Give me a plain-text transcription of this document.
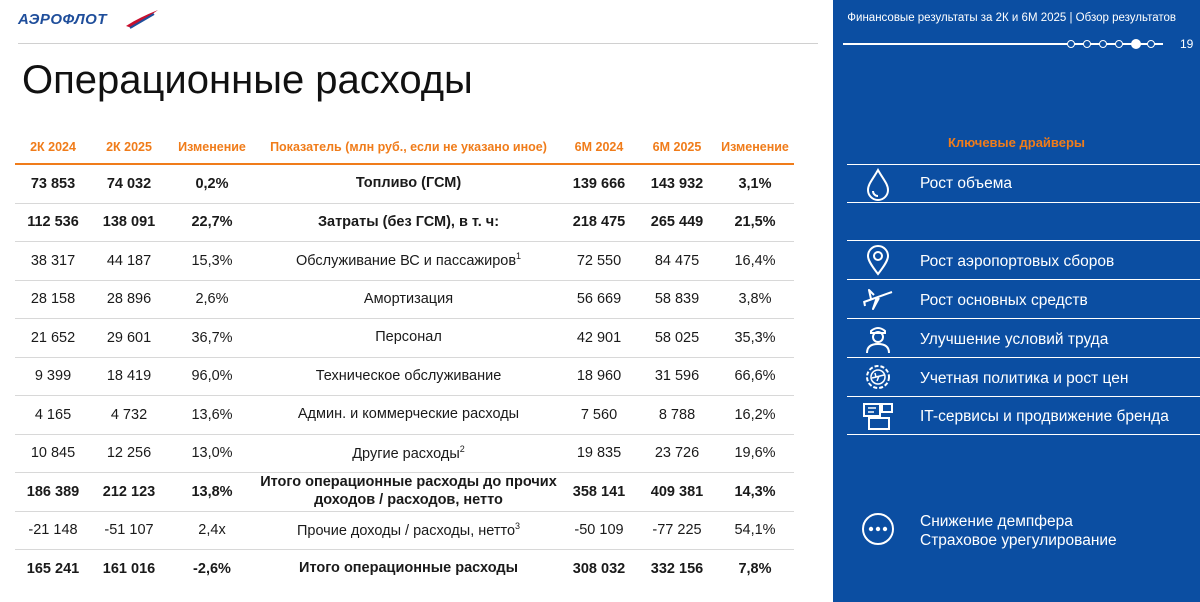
АЭРОФЛОТ
Операционные расходы
2К 2024	2К 2025	Изменение	Показатель (млн руб., если не указано иное)	6М 2024	6М 2025	Изменение
73 853	74 032	0,2%	Топливо (ГСМ)	139 666	143 932	3,1%
112 536	138 091	22,7%	Затраты (без ГСМ), в т. ч:	218 475	265 449	21,5%
38 317	44 187	15,3%	Обслуживание ВС и пассажиров$^1$	72 550	84 475	16,4%
28 158	28 896	2,6%	Амортизация	56 669	58 839	3,8%
21 652	29 601	36,7%	Персонал	42 901	58 025	35,3%
9 399	18 419	96,0%	Техническое обслуживание	18 960	31 596	66,6%
4 165	4 732	13,6%	Админ. и коммерческие расходы	7 560	8 788	16,2%
10 845	12 256	13,0%	Другие расходы$^2$	19 835	23 726	19,6%
186 389	212 123	13,8%	Итого операционные расходы до прочих доходов / расходов, нетто	358 141	409 381	14,3%
-21 148	-51 107	2,4x	Прочие доходы / расходы, нетто$^3$	-50 109	-77 225	54,1%
165 241	161 016	-2,6%	Итого операционные расходы	308 032	332 156	7,8%
Финансовые результаты за 2К и 6М 2025 | Обзор результатов
19
Ключевые драйверы
Рост объема
Рост аэропортовых сборов
Рост основных средств
Улучшение условий труда
Учетная политика и рост цен
IT-сервисы и продвижение бренда
Снижение демпфера
Страховое урегулирование
